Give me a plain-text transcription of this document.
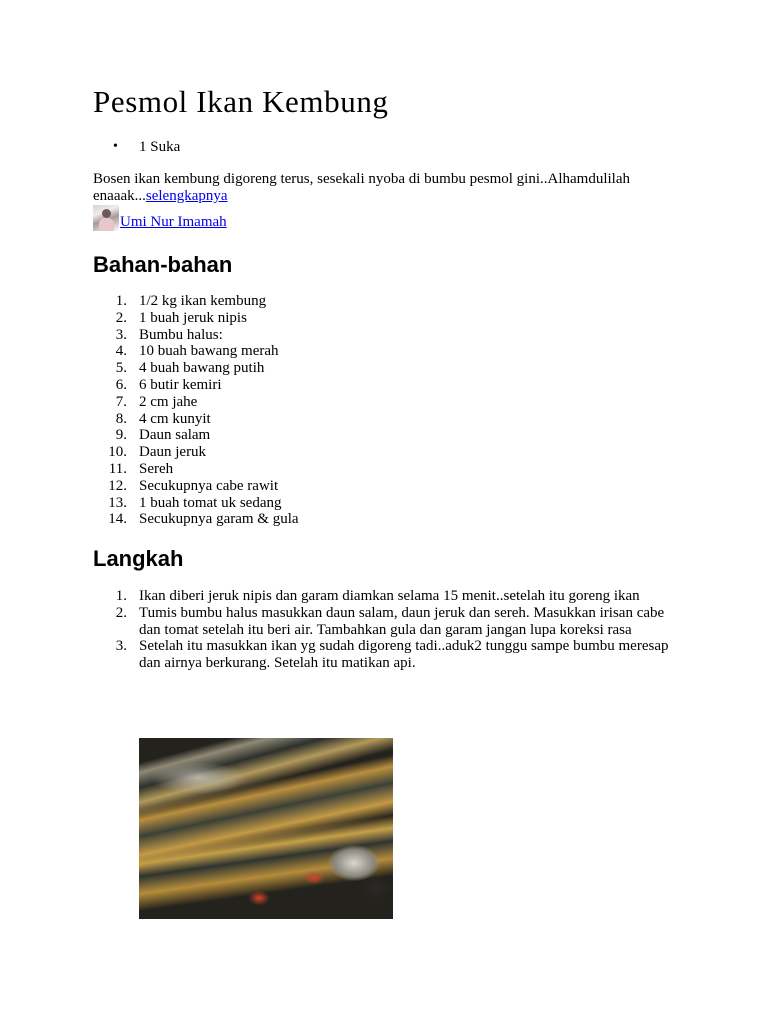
Pesmol Ikan Kembung
• 1 Suka

Bosen ikan kembung digoreng terus, sesekali nyoba di bumbu pesmol gini..Alhamdulilah enaaak...selengkapnya

Umi Nur Imamah
Bahan-bahan
1. 1/2 kg ikan kembung
2. 1 buah jeruk nipis
3. Bumbu halus:
4. 10 buah bawang merah
5. 4 buah bawang putih
6. 6 butir kemiri
7. 2 cm jahe
8. 4 cm kunyit
9. Daun salam
10. Daun jeruk
11. Sereh
12. Secukupnya cabe rawit
13. 1 buah tomat uk sedang
14. Secukupnya garam & gula
Langkah
1. Ikan diberi jeruk nipis dan garam diamkan selama 15 menit..setelah itu goreng ikan
2. Tumis bumbu halus masukkan daun salam, daun jeruk dan sereh. Masukkan irisan cabe dan tomat setelah itu beri air. Tambahkan gula dan garam jangan lupa koreksi rasa
3. Setelah itu masukkan ikan yg sudah digoreng tadi..aduk2 tunggu sampe bumbu meresap dan airnya berkurang. Setelah itu matikan api.
